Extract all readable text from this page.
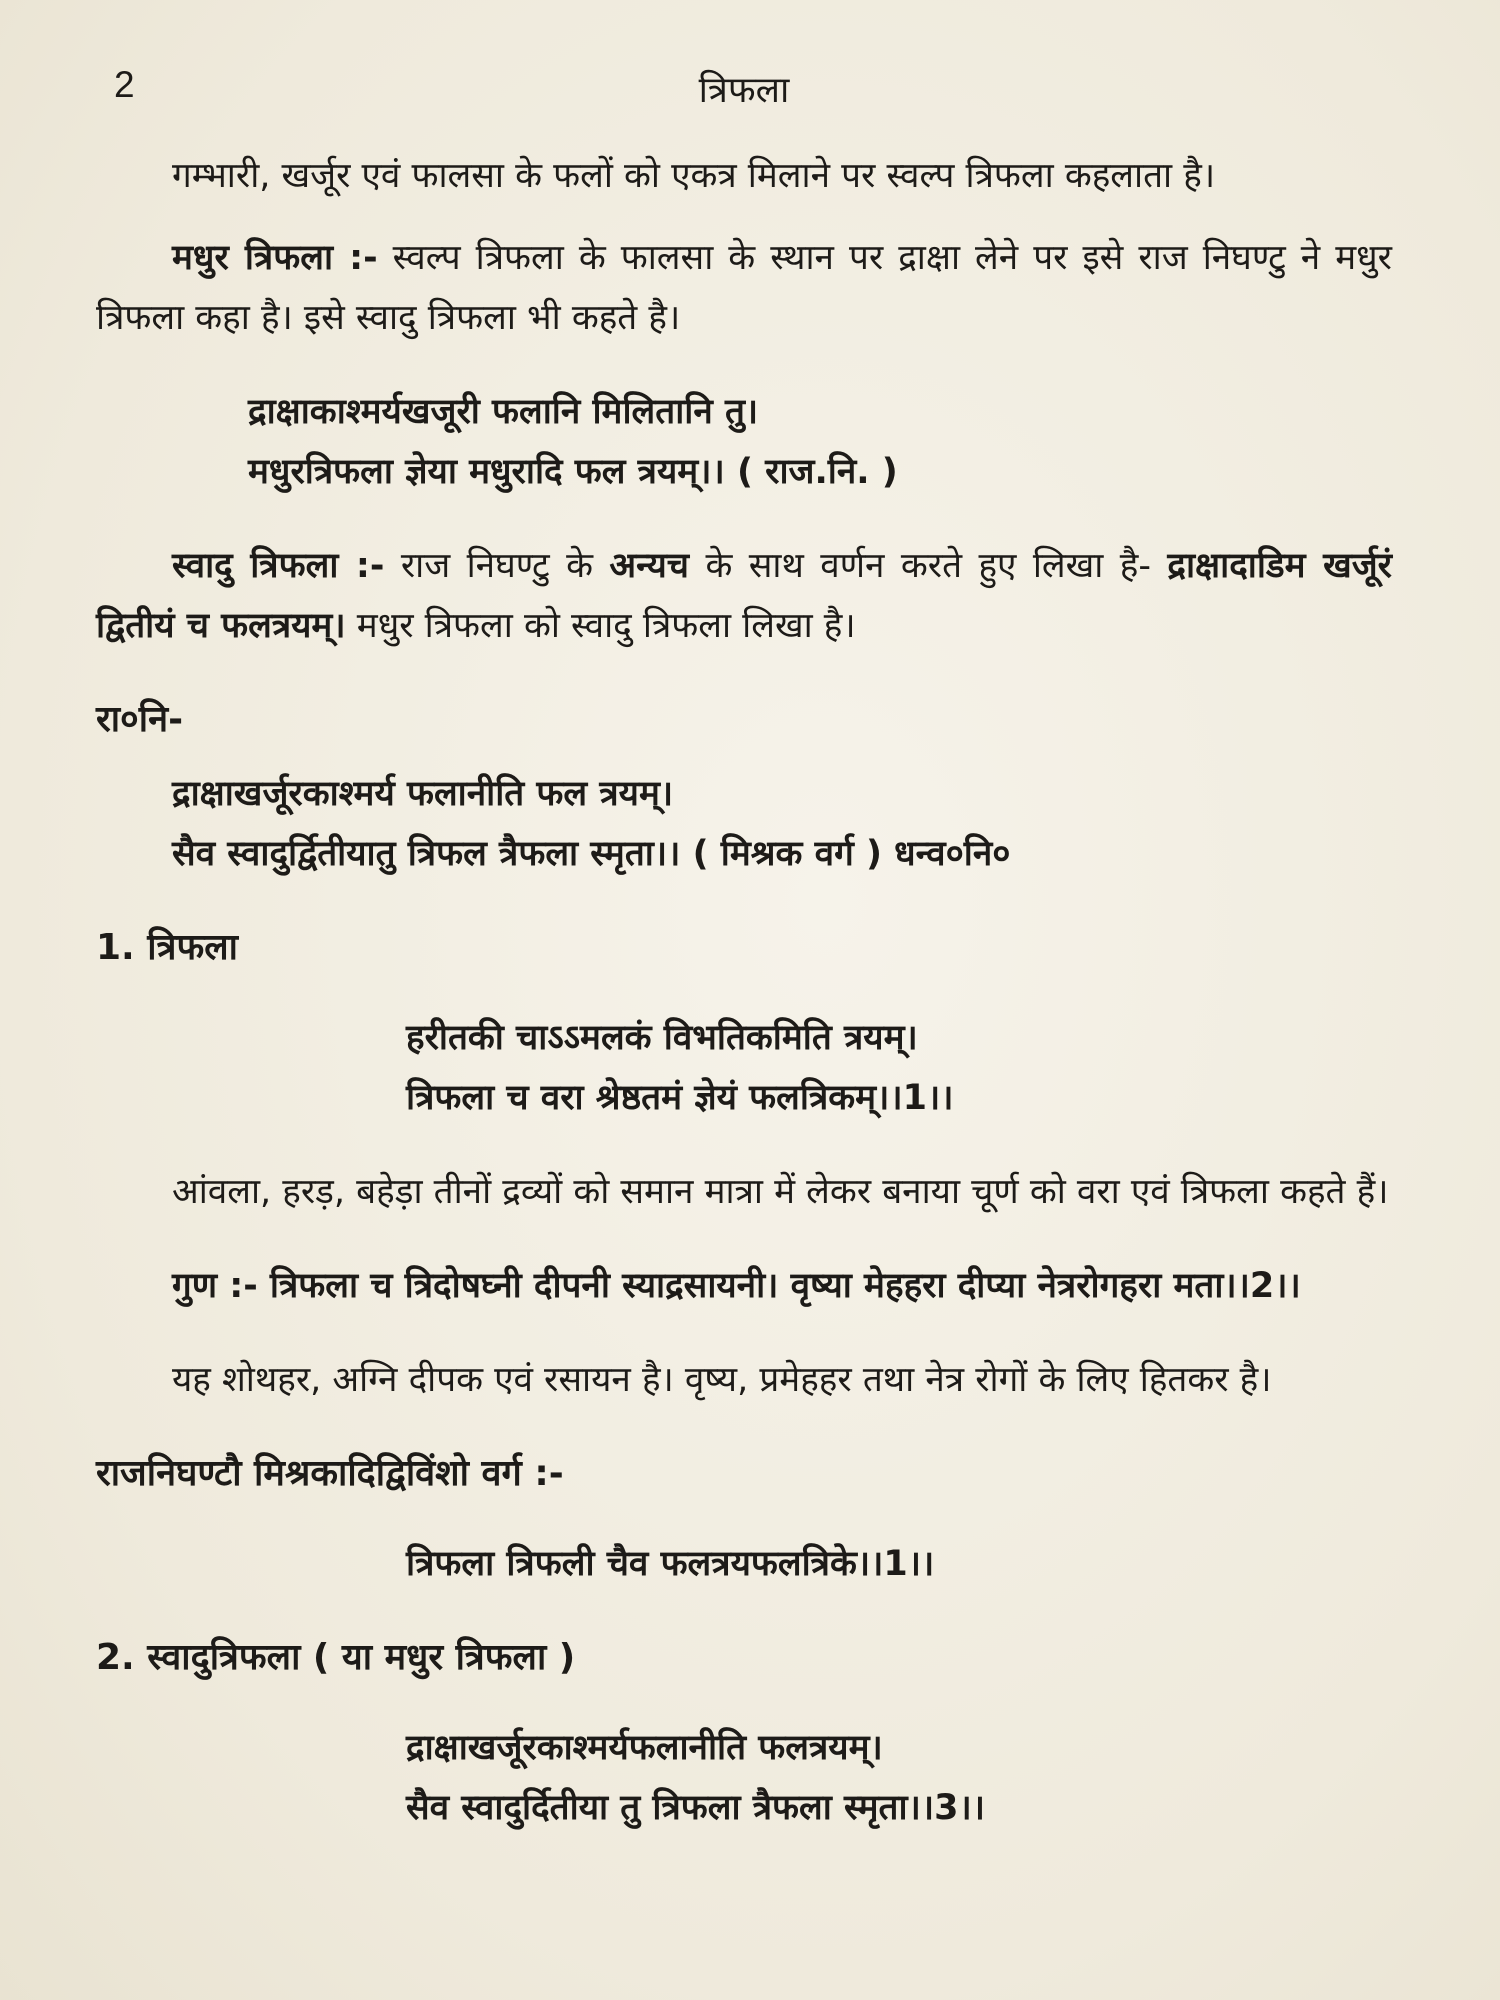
2	त्रिफला

गम्भारी, खर्जूर एवं फालसा के फलों को एकत्र मिलाने पर स्वल्प त्रिफला कहलाता है।

मधुर त्रिफला :- स्वल्प त्रिफला के फालसा के स्थान पर द्राक्षा लेने पर इसे राज निघण्टु ने मधुर त्रिफला कहा है। इसे स्वादु त्रिफला भी कहते है।

द्राक्षाकाश्मर्यखजूरी फलानि मिलितानि तु।
मधुरत्रिफला ज्ञेया मधुरादि फल त्रयम्।। ( राज.नि. )

स्वादु त्रिफला :- राज निघण्टु के अन्यच के साथ वर्णन करते हुए लिखा है- द्राक्षादाडिम खर्जूरं द्वितीयं च फलत्रयम्। मधुर त्रिफला को स्वादु त्रिफला लिखा है।

रा०नि-
द्राक्षाखर्जूरकाश्मर्य फलानीति फल त्रयम्।
सैव स्वादुर्द्वितीयातु त्रिफल त्रैफला स्मृता।। ( मिश्रक वर्ग ) धन्व०नि०
1. त्रिफला
हरीतकी चाऽऽमलकं विभतिकमिति त्रयम्।
त्रिफला च वरा श्रेष्ठतमं ज्ञेयं फलत्रिकम्।।1।।

आंवला, हरड़, बहेड़ा तीनों द्रव्यों को समान मात्रा में लेकर बनाया चूर्ण को वरा एवं त्रिफला कहते हैं।

गुण :- त्रिफला च त्रिदोषघ्नी दीपनी स्याद्रसायनी। वृष्या मेहहरा दीप्या नेत्ररोगहरा मता।।2।।

यह शोथहर, अग्नि दीपक एवं रसायन है। वृष्य, प्रमेहहर तथा नेत्र रोगों के लिए हितकर है।

राजनिघण्टौ मिश्रकादिद्विविंशो वर्ग :-
त्रिफला त्रिफली चैव फलत्रयफलत्रिके।।1।।
2. स्वादुत्रिफला ( या मधुर त्रिफला )
द्राक्षाखर्जूरकाश्मर्यफलानीति फलत्रयम्।
सैव स्वादुर्दितीया तु त्रिफला त्रैफला स्मृता।।3।।
